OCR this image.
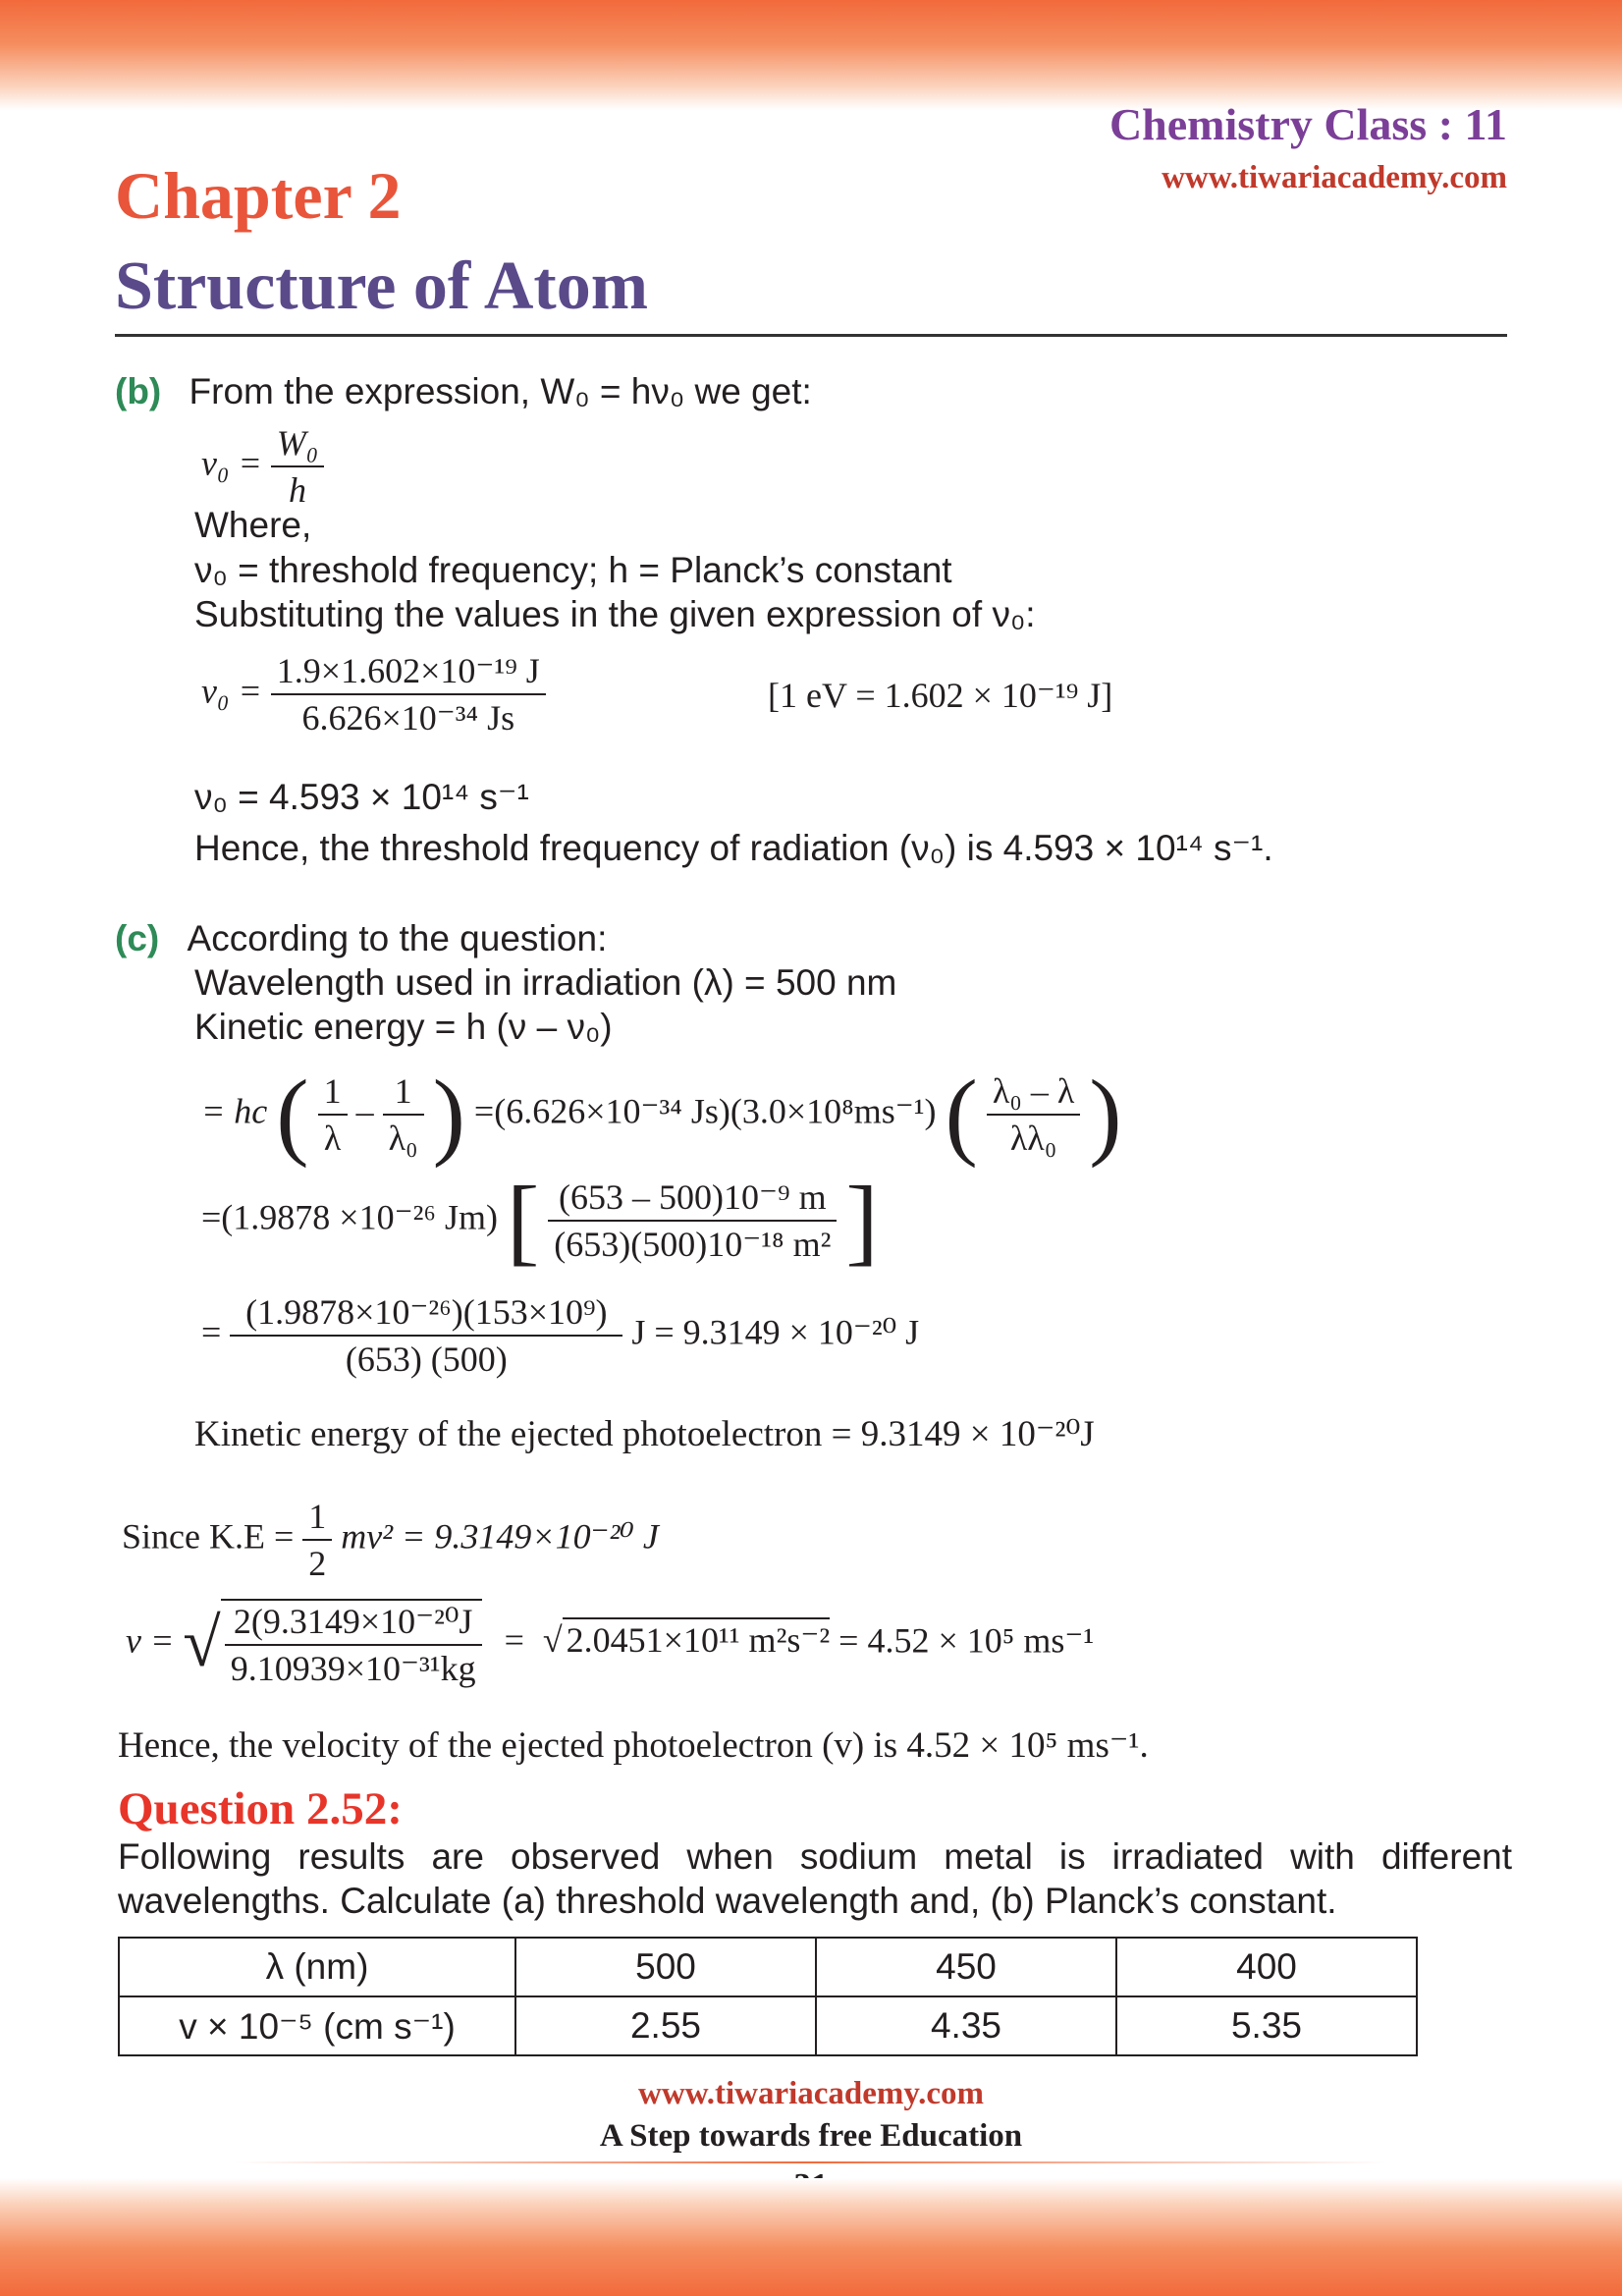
Chemistry Class : 11
www.tiwariacademy.com
Chapter 2
Structure of Atom
(b) From the expression, W₀ = hν₀ we get:
$\nu_0 = \frac{\text{W₀}}{h}$
Where,
ν₀ = threshold frequency; h = Planck’s constant
Substituting the values in the given expression of ν₀:
$\nu_0 = \frac{\text{1.9×1.602×10⁻¹⁹ J}}{\text{6.626×10⁻³⁴ Js}}$	[1 eV = 1.602 × 10⁻¹⁹ J]
ν₀ = 4.593 × 10¹⁴ s⁻¹
Hence, the threshold frequency of radiation (ν₀) is 4.593 × 10¹⁴ s⁻¹.
(c) According to the question:
Wavelength used in irradiation (λ) = 500 nm
Kinetic energy = h (ν – ν₀)
= hc ( $\frac{1}{\lambda} - \frac{1}{\text{λ₀}}$ ) =(6.626×10⁻³⁴ Js)(3.0×10⁸ms⁻¹) ( $\frac{\text{λ₀ – λ}}{\text{λλ₀}}$ )
=(1.9878 ×10⁻²⁶ Jm) [ $\frac{\text{(653 – 500)10⁻⁹ m}}{\text{(653)(500)10⁻¹⁸ m²}}$ ]
= $\frac{\text{(1.9878×10⁻²⁶)(153×10⁹)}}{(653) (500)}$ J = 9.3149 × 10⁻²⁰ J
Kinetic energy of the ejected photoelectron = 9.3149 × 10⁻²⁰J
Since $K.E = \frac{1}{2} mv^2 = 9.3149\times 10^{-20}$ J
v = √ $\frac{\text{2(9.3149×10⁻²⁰J}}{\text{9.10939×10⁻³¹kg}}$ = √ 2.0451×10¹¹ m²s⁻² = 4.52 × 10⁵ ms⁻¹
Hence, the velocity of the ejected photoelectron (v) is 4.52 × 10⁵ ms⁻¹.
Question 2.52:
Following results are observed when sodium metal is irradiated with different
wavelengths. Calculate (a) threshold wavelength and, (b) Planck’s constant.
λ (nm)	500	450	400
v × 10⁻⁵ (cm s⁻¹)	2.55	4.35	5.35
www.tiwariacademy.com
A Step towards free Education
